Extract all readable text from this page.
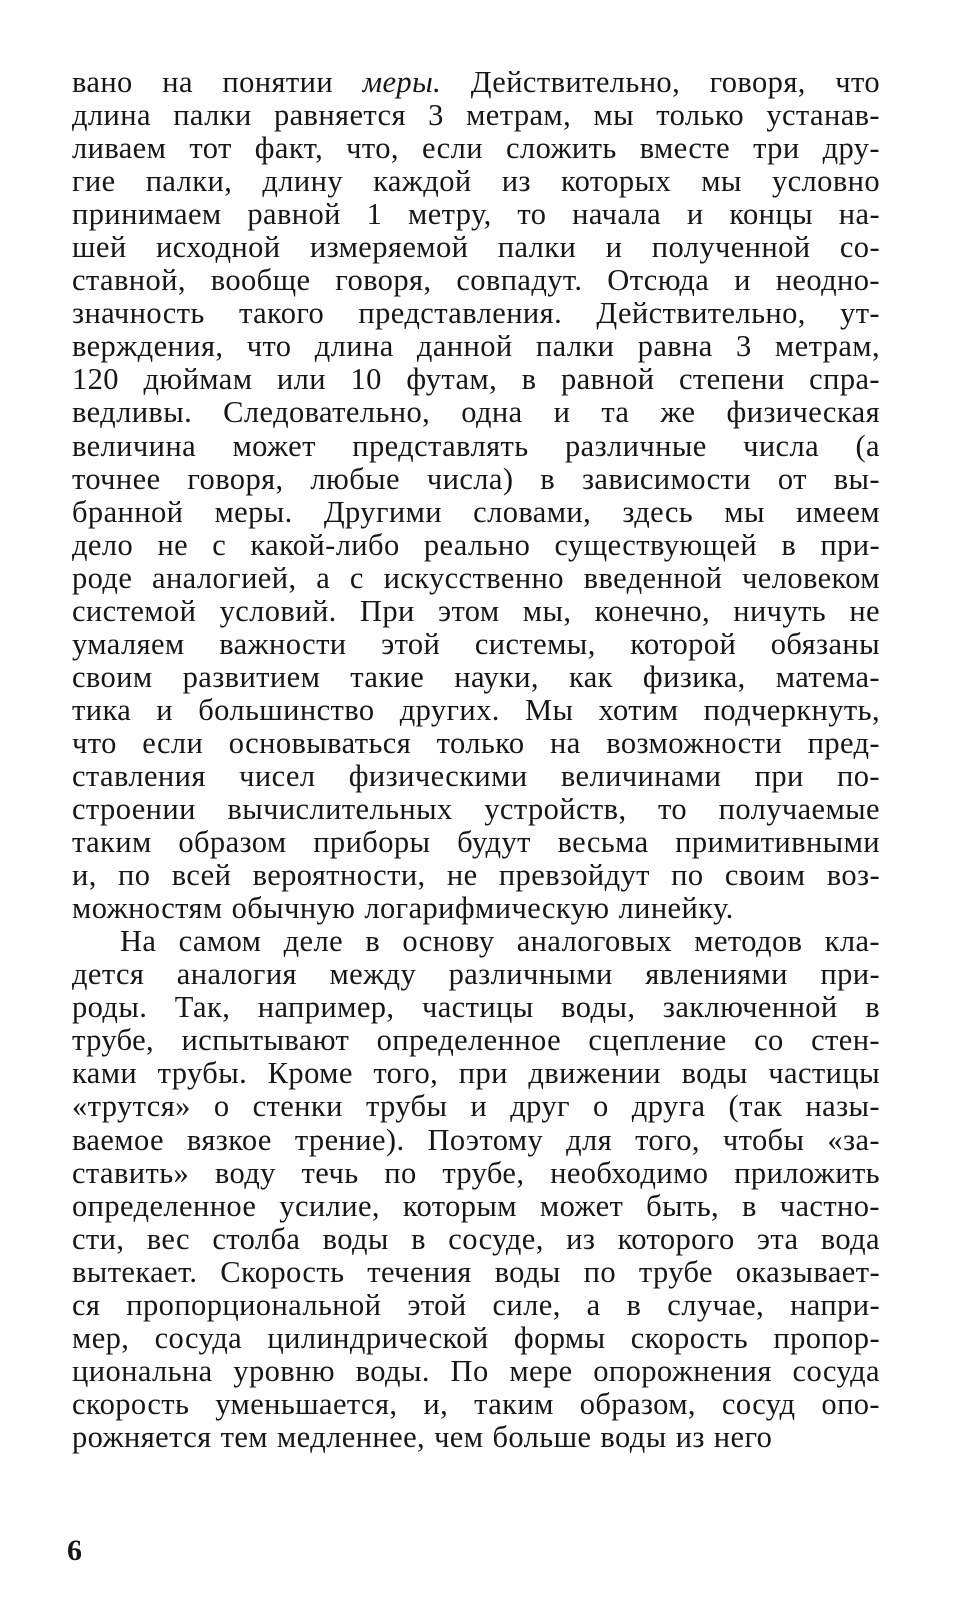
вано на понятии меры. Действительно, говоря, что
длина палки равняется 3 метрам, мы только устанав-
ливаем тот факт, что, если сложить вместе три дру-
гие палки, длину каждой из которых мы условно
принимаем равной 1 метру, то начала и концы на-
шей исходной измеряемой палки и полученной со-
ставной, вообще говоря, совпадут. Отсюда и неодно-
значность такого представления. Действительно, ут-
верждения, что длина данной палки равна 3 метрам,
120 дюймам или 10 футам, в равной степени спра-
ведливы. Следовательно, одна и та же физическая
величина может представлять различные числа (а
точнее говоря, любые числа) в зависимости от вы-
бранной меры. Другими словами, здесь мы имеем
дело не с какой-либо реально существующей в при-
роде аналогией, а с искусственно введенной человеком
системой условий. При этом мы, конечно, ничуть не
умаляем важности этой системы, которой обязаны
своим развитием такие науки, как физика, матема-
тика и большинство других. Мы хотим подчеркнуть,
что если основываться только на возможности пред-
ставления чисел физическими величинами при по-
строении вычислительных устройств, то получаемые
таким образом приборы будут весьма примитивными
и, по всей вероятности, не превзойдут по своим воз-
можностям обычную логарифмическую линейку.
На самом деле в основу аналоговых методов кла-
дется аналогия между различными явлениями при-
роды. Так, например, частицы воды, заключенной в
трубе, испытывают определенное сцепление со стен-
ками трубы. Кроме того, при движении воды частицы
«трутся» о стенки трубы и друг о друга (так назы-
ваемое вязкое трение). Поэтому для того, чтобы «за-
ставить» воду течь по трубе, необходимо приложить
определенное усилие, которым может быть, в частно-
сти, вес столба воды в сосуде, из которого эта вода
вытекает. Скорость течения воды по трубе оказывает-
ся пропорциональной этой силе, а в случае, напри-
мер, сосуда цилиндрической формы скорость пропор-
циональна уровню воды. По мере опорожнения сосуда
скорость уменьшается, и, таким образом, сосуд опо-
рожняется тем медленнее, чем больше воды из него
6
